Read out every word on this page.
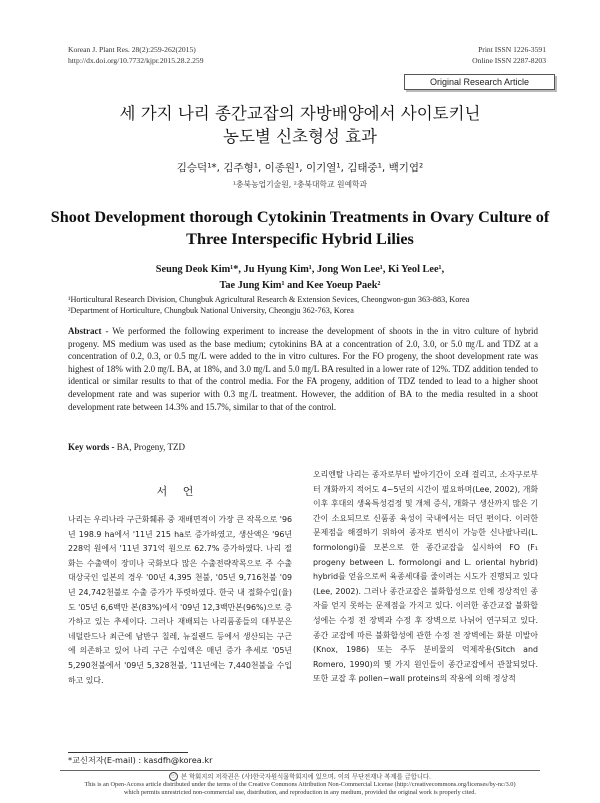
Korean J. Plant Res. 28(2):259-262(2015)
http://dx.doi.org/10.7732/kjpr.2015.28.2.259
Print ISSN 1226-3591
Online ISSN 2287-8203
Original Research Article
세 가지 나리 종간교잡의 자방배양에서 사이토키닌
농도별 신초형성 효과
김승덕¹*, 김주형¹, 이종원¹, 이기열¹, 김태중¹, 백기엽²
¹충북농업기술원, ²충북대학교 원예학과
Shoot Development thorough Cytokinin Treatments in Ovary Culture of
Three Interspecific Hybrid Lilies
Seung Deok Kim¹*, Ju Hyung Kim¹, Jong Won Lee¹, Ki Yeol Lee¹,
Tae Jung Kim¹ and Kee Yoeup Paek²
¹Horticultural Research Division, Chungbuk Agricultural Research & Extension Sevices, Cheongwon-gun 363-883, Korea
²Department of Horticulture, Chungbuk National University, Cheongju 362-763, Korea
Abstract - We performed the following experiment to increase the development of shoots in the in vitro culture of hybrid progeny. MS medium was used as the base medium; cytokinins BA at a concentration of 2.0, 3.0, or 5.0 ㎎/L and TDZ at a concentration of 0.2, 0.3, or 0.5 ㎎/L were added to the in vitro cultures. For the FO progeny, the shoot development rate was highest of 18% with 2.0 ㎎/L BA, at 18%, and 3.0 ㎎/L and 5.0 ㎎/L BA resulted in a lower rate of 12%. TDZ addition tended to identical or similar results to that of the control media. For the FA progeny, addition of TDZ tended to lead to a higher shoot development rate and was superior with 0.3 ㎎/L treatment. However, the addition of BA to the media resulted in a shoot development rate between 14.3% and 15.7%, similar to that of the control.
Key words - BA, Progeny, TZD
서 언
나리는 우리나라 구근화훼류 중 재배면적이 가장 큰 작목으로 '96년 198.9 ha에서 '11년 215 ha로 증가하였고, 생산액은 '96년 228억 원에서 '11년 371억 원으로 62.7% 증가하였다. 나리 절화는 수출액이 장미나 국화보다 많은 수출전략작목으로 주 수출 대상국인 일본의 경우 '00년 4,395 천불, '05년 9,716천불 '09년 24,742천불로 수출 증가가 뚜렷하였다. 한국 내 절화수입(율)도 '05년 6,6백만 본(83%)에서 '09년 12,3백만본(96%)으로 증가하고 있는 추세이다. 그러나 재배되는 나리품종들의 대부분은 네덜란드나 최근에 남반구 칠레, 뉴질랜드 등에서 생산되는 구근에 의존하고 있어 나리 구근 수입액은 매년 증가 추세로 '05년 5,290천불에서 '09년 5,328천불, '11년에는 7,440천불을 수입하고 있다.
오리엔탈 나리는 종자로부터 발아기간이 오래 걸리고, 소자구로부터 개화까지 적어도 4∼5년의 시간이 필요하며(Lee, 2002), 개화 이후 후대의 생육특성검정 및 개체 증식, 개화구 생산까지 많은 기간이 소요되므로 신품종 육성이 국내에서는 더딘 편이다. 이러한 문제점을 해결하기 위하여 종자로 번식이 가능한 신나팔나리(L. formolongi)를 모본으로 한 종간교잡을 실시하여 FO (F₁ progeny between L. formolongi and L. oriental hybrid) hybrid를 얻음으로써 육종세대를 줄이려는 시도가 진행되고 있다(Lee, 2002). 그러나 종간교잡은 불화합성으로 인해 정상적인 종자를 얻지 못하는 문제점을 가지고 있다. 이러한 종간교잡 불화합성에는 수정 전 장벽과 수정 후 장벽으로 나뉘어 연구되고 있다. 종간 교잡에 따른 불화합성에 관한 수정 전 장벽에는 화분 미발아(Knox, 1986) 또는 주두 분비물의 억제작용(Sitch and Romero, 1990)의 몇 가지 원인들이 종간교잡에서 관찰되었다. 또한 교잡 후 pollen−wall proteins의 작용에 의해 정상적
*교신저자(E-mail) : kasdfh@korea.kr
ⓒ 본 학회지의 저작권은 (사)한국자원식물학회지에 있으며, 이의 무단전재나 복제를 금합니다.
This is an Open-Access article distributed under the terms of the Creative Commons Attribution Non-Commercial License (http://creativecommons.org/licenses/by-nc/3.0)
which permits unrestricted non-commercial use, distribution, and reproduction in any medium, provided the original work is properly cited.
